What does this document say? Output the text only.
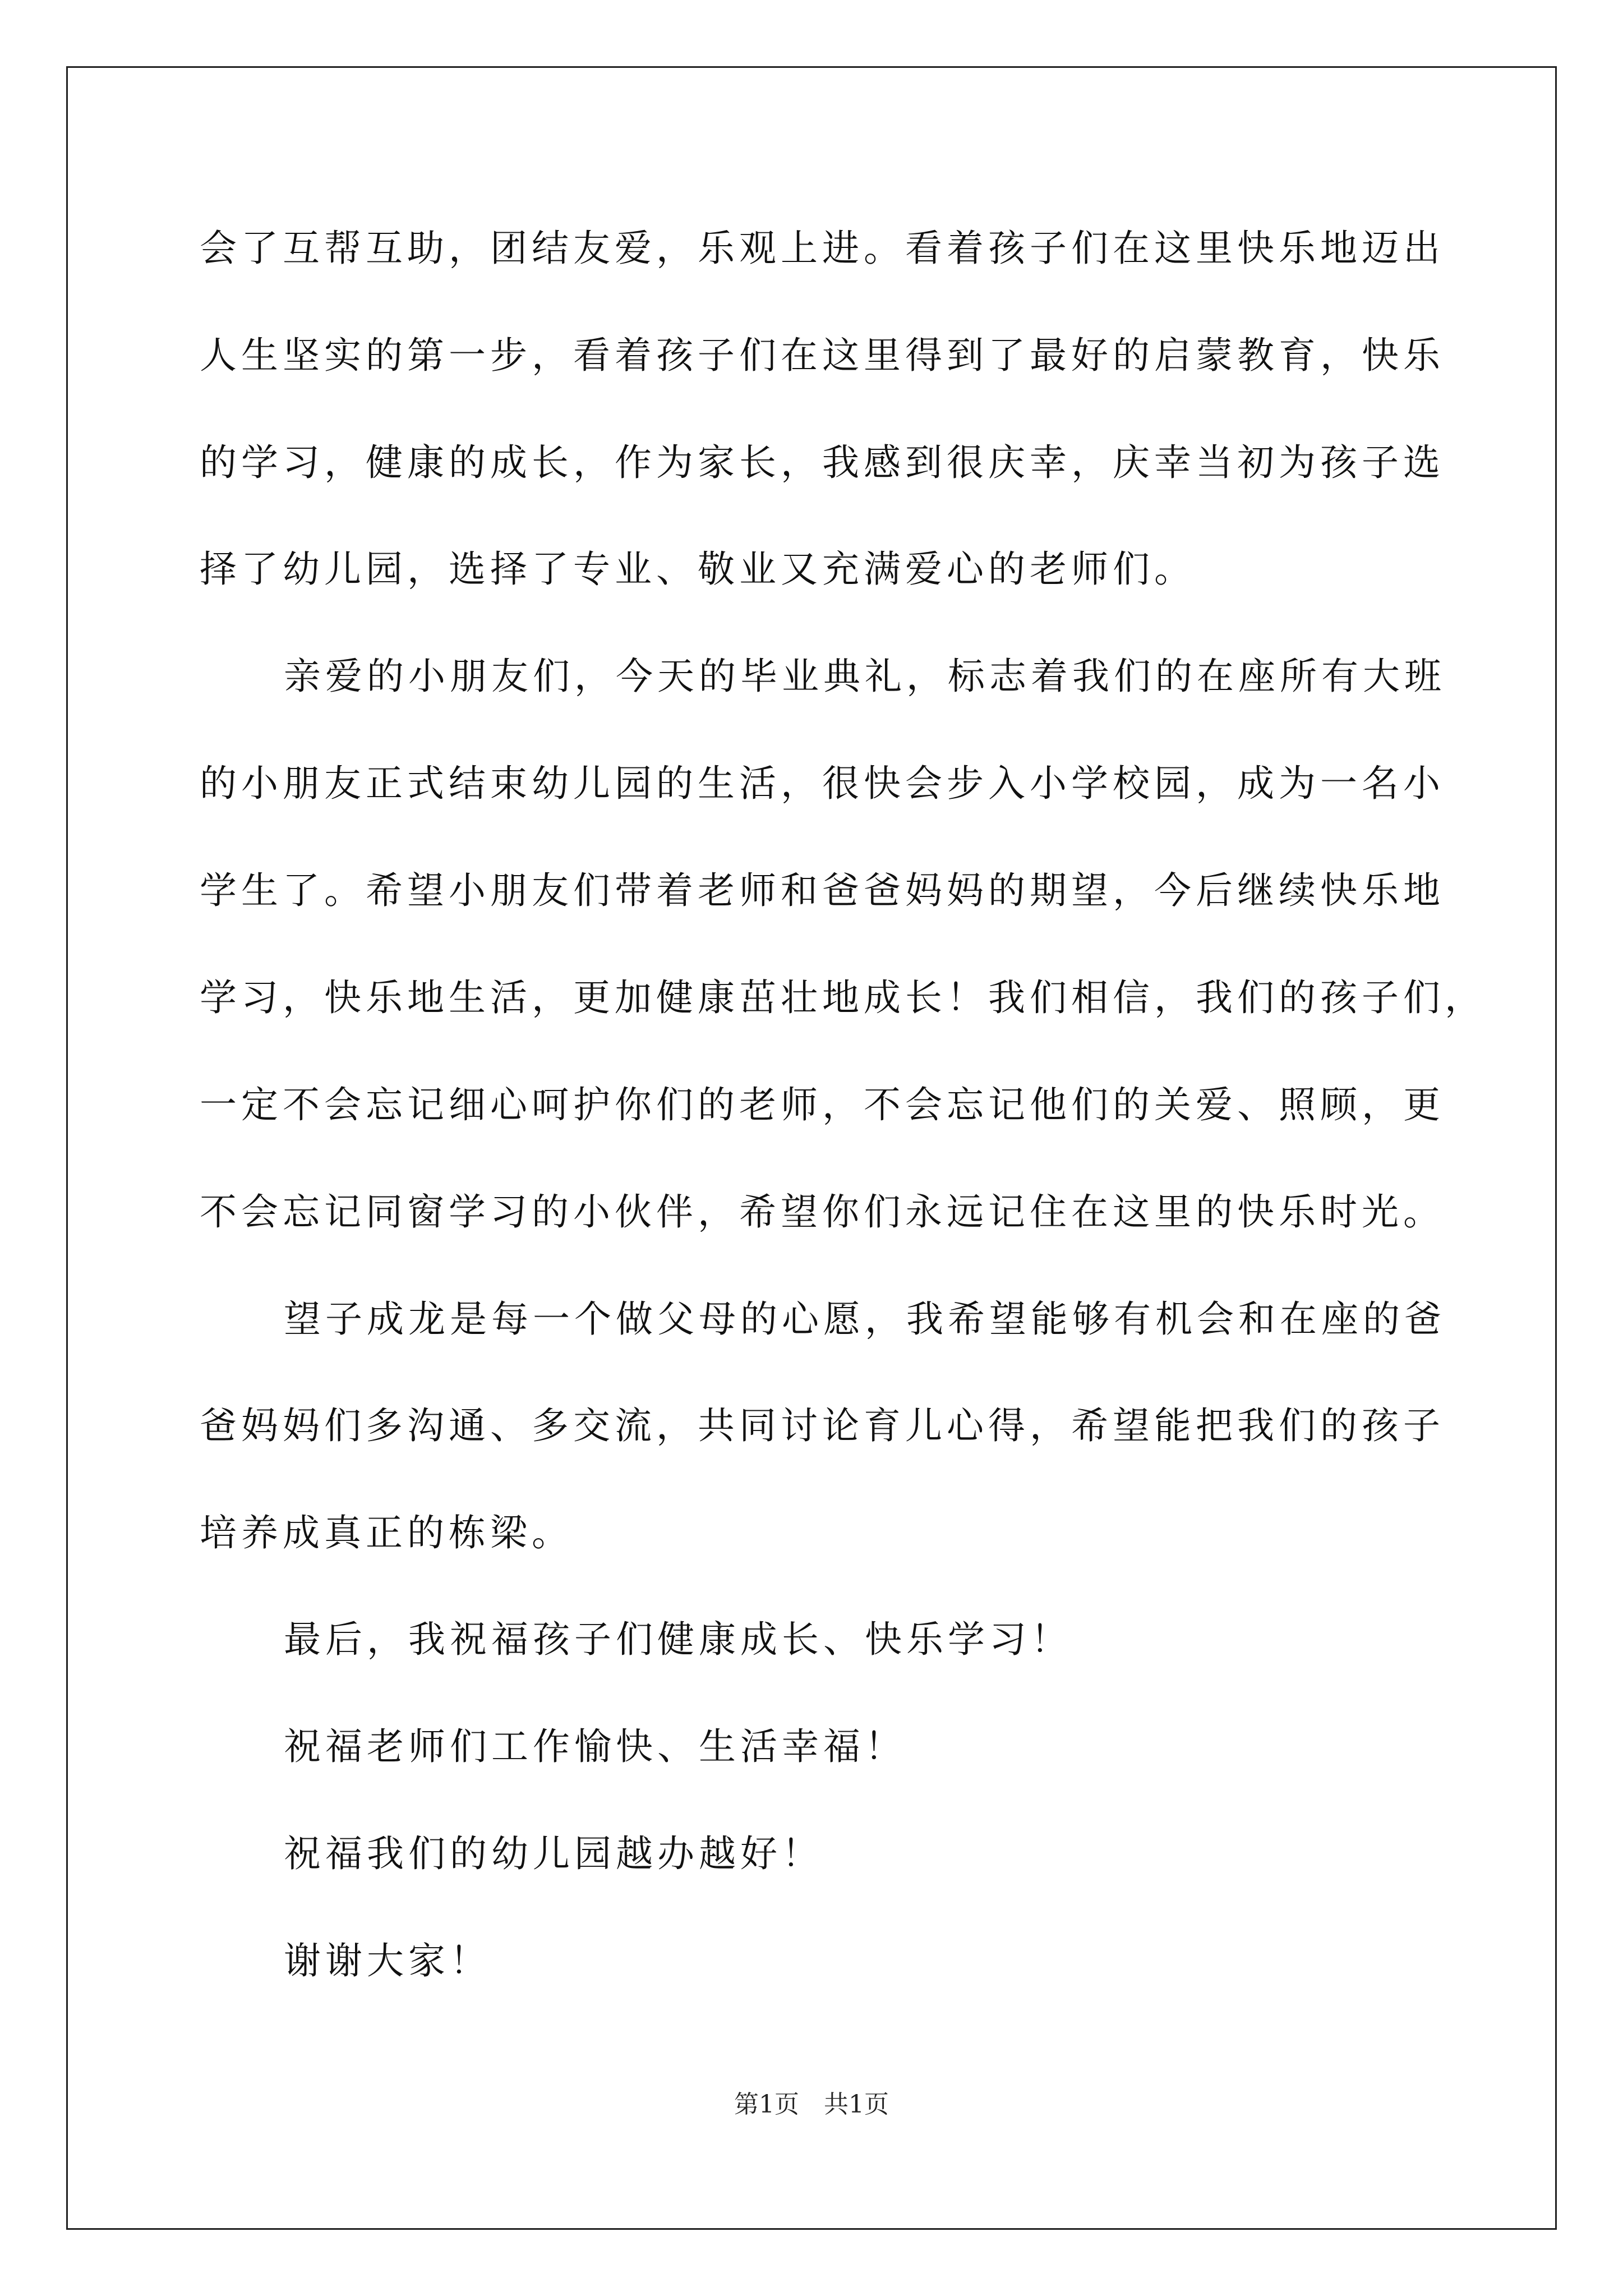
会了互帮互助，团结友爱，乐观上进。看着孩子们在这里快乐地迈出
人生坚实的第一步，看着孩子们在这里得到了最好的启蒙教育，快乐
的学习，健康的成长，作为家长，我感到很庆幸，庆幸当初为孩子选
择了幼儿园，选择了专业、敬业又充满爱心的老师们。
亲爱的小朋友们，今天的毕业典礼，标志着我们的在座所有大班
的小朋友正式结束幼儿园的生活，很快会步入小学校园，成为一名小
学生了。希望小朋友们带着老师和爸爸妈妈的期望，今后继续快乐地
学习，快乐地生活，更加健康茁壮地成长！我们相信，我们的孩子们，
一定不会忘记细心呵护你们的老师，不会忘记他们的关爱、照顾，更
不会忘记同窗学习的小伙伴，希望你们永远记住在这里的快乐时光。
望子成龙是每一个做父母的心愿，我希望能够有机会和在座的爸
爸妈妈们多沟通、多交流，共同讨论育儿心得，希望能把我们的孩子
培养成真正的栋梁。
最后，我祝福孩子们健康成长、快乐学习！
祝福老师们工作愉快、生活幸福！
祝福我们的幼儿园越办越好！
谢谢大家！
第1页 共1页
